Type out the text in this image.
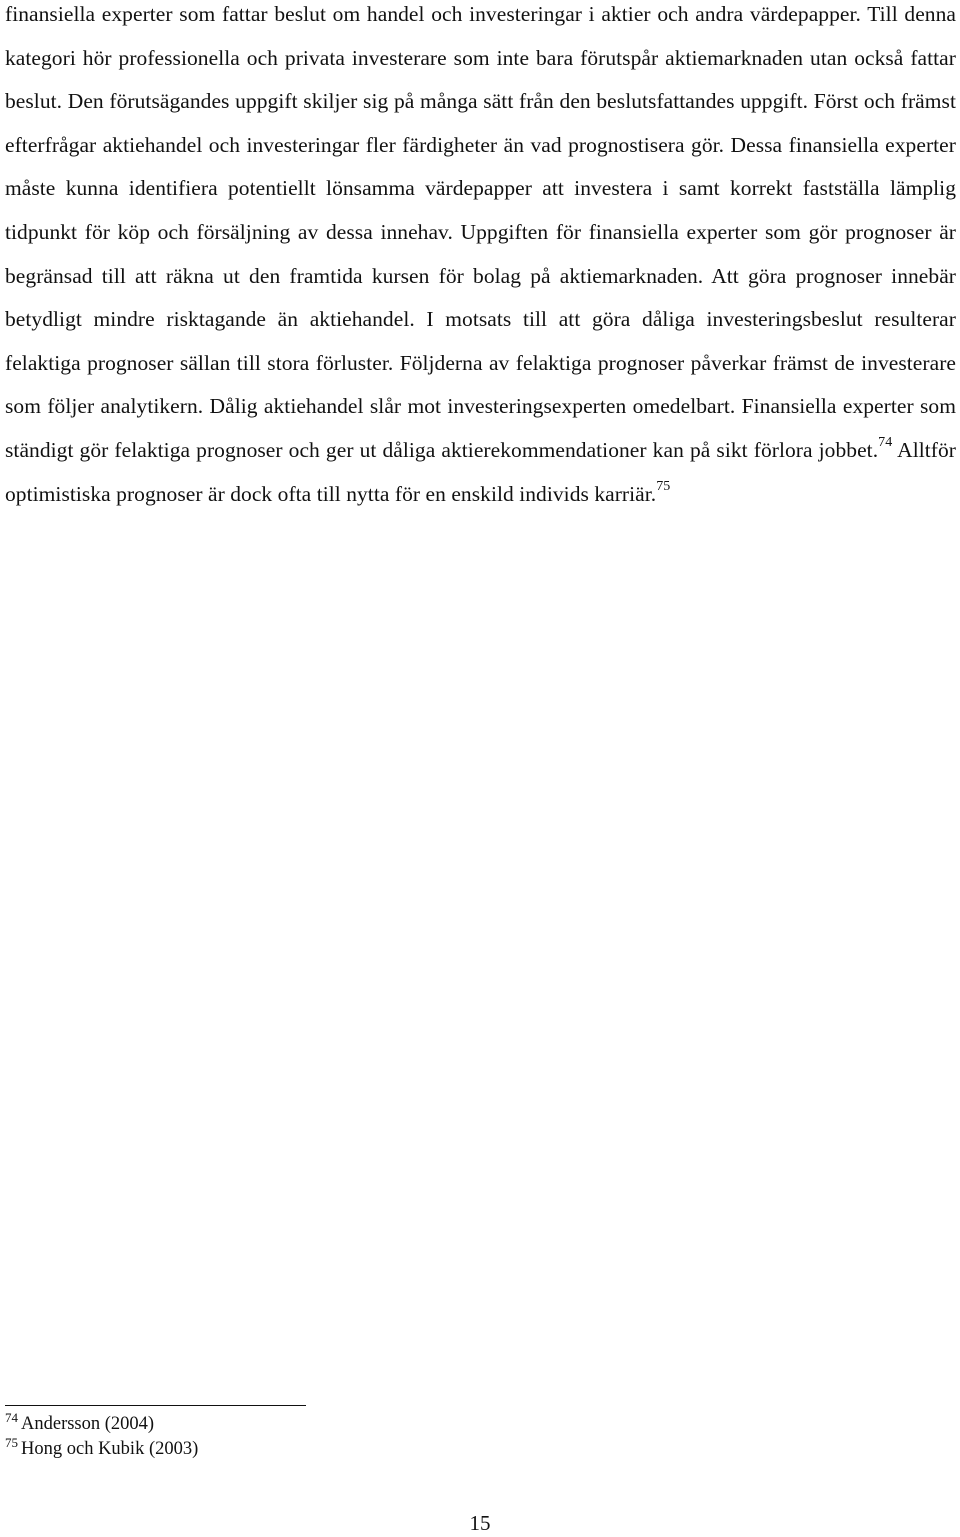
finansiella experter som fattar beslut om handel och investeringar i aktier och andra värdepapper. Till denna kategori hör professionella och privata investerare som inte bara förutspår aktiemarknaden utan också fattar beslut. Den förutsägandes uppgift skiljer sig på många sätt från den beslutsfattandes uppgift. Först och främst efterfrågar aktiehandel och investeringar fler färdigheter än vad prognostisera gör. Dessa finansiella experter måste kunna identifiera potentiellt lönsamma värdepapper att investera i samt korrekt fastställa lämplig tidpunkt för köp och försäljning av dessa innehav. Uppgiften för finansiella experter som gör prognoser är begränsad till att räkna ut den framtida kursen för bolag på aktiemarknaden. Att göra prognoser innebär betydligt mindre risktagande än aktiehandel. I motsats till att göra dåliga investeringsbeslut resulterar felaktiga prognoser sällan till stora förluster. Följderna av felaktiga prognoser påverkar främst de investerare som följer analytikern. Dålig aktiehandel slår mot investeringsexperten omedelbart. Finansiella experter som ständigt gör felaktiga prognoser och ger ut dåliga aktierekommendationer kan på sikt förlora jobbet.$^{74}$ Alltför optimistiska prognoser är dock ofta till nytta för en enskild individs karriär.$^{75}$

$^{74}$ Andersson (2004)
$^{75}$ Hong och Kubik (2003)
15
